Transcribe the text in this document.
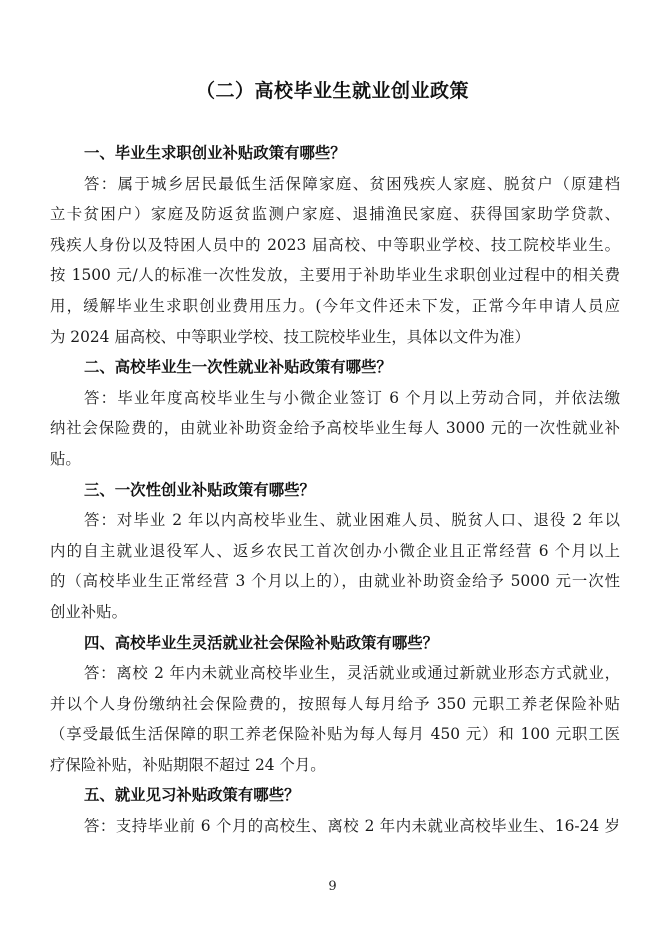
（二）高校毕业生就业创业政策
一、毕业生求职创业补贴政策有哪些？
答：属于城乡居民最低生活保障家庭、贫困残疾人家庭、脱贫户（原建档
立卡贫困户）家庭及防返贫监测户家庭、退捕渔民家庭、获得国家助学贷款、
残疾人身份以及特困人员中的 2023 届高校、中等职业学校、技工院校毕业生。
按 1500 元/人的标准一次性发放，主要用于补助毕业生求职创业过程中的相关费
用，缓解毕业生求职创业费用压力。(今年文件还未下发，正常今年申请人员应
为 2024 届高校、中等职业学校、技工院校毕业生，具体以文件为准）
二、高校毕业生一次性就业补贴政策有哪些？
答：毕业年度高校毕业生与小微企业签订 6 个月以上劳动合同，并依法缴
纳社会保险费的，由就业补助资金给予高校毕业生每人 3000 元的一次性就业补
贴。
三、一次性创业补贴政策有哪些？
答：对毕业 2 年以内高校毕业生、就业困难人员、脱贫人口、退役 2 年以
内的自主就业退役军人、返乡农民工首次创办小微企业且正常经营 6 个月以上
的（高校毕业生正常经营 3 个月以上的），由就业补助资金给予 5000 元一次性
创业补贴。
四、高校毕业生灵活就业社会保险补贴政策有哪些？
答：离校 2 年内未就业高校毕业生，灵活就业或通过新就业形态方式就业，
并以个人身份缴纳社会保险费的，按照每人每月给予 350 元职工养老保险补贴
（享受最低生活保障的职工养老保险补贴为每人每月 450 元）和 100 元职工医
疗保险补贴，补贴期限不超过 24 个月。
五、就业见习补贴政策有哪些？
答：支持毕业前 6 个月的高校生、离校 2 年内未就业高校毕业生、16-24 岁
9
